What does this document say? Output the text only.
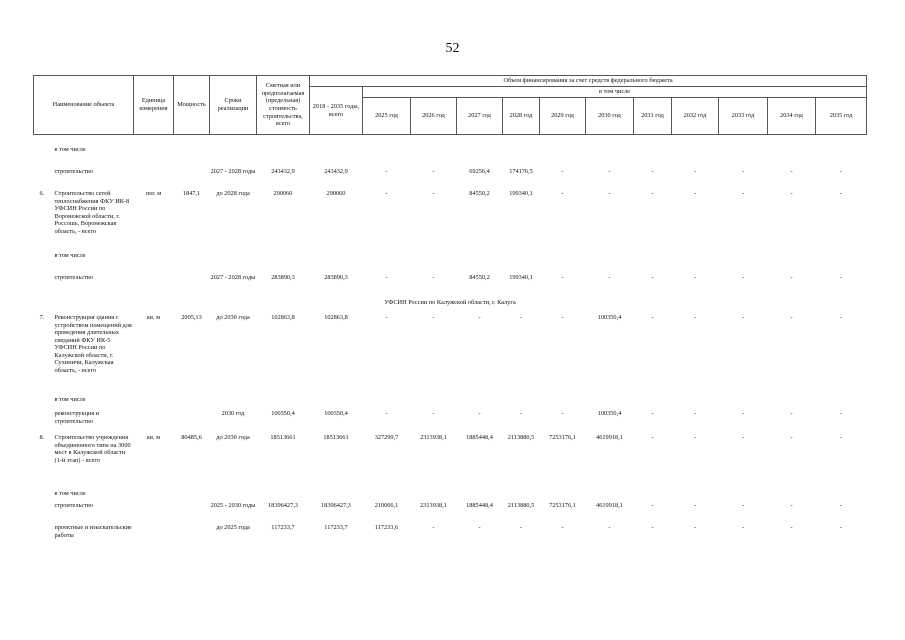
52
Наименование объекта		Единица измерения	Мощность	Сроки реализации	Сметная или предполагаемая (предельная) стоимость строительства, всего	Объем финансирования за счет средств федерального бюджета											
						2018 - 2035 годы, всего	в том числе										
							2025 год	2026 год	2027 год	2028 год	2029 год	2030 год	2031 год	2032 год	2033 год	2034 год	2035 год

	в том числе																
	строительство			2027 - 2028 годы	243432,9	243432,9	-	-	69256,4	174176,5	-	-	-	-	-	-	-
6.	Строительство сетей теплоснабжения ФКУ ИК-8 УФСИН России по Воронежской области, г. Россошь, Воронежская область, - всего	пог. м	1847,1	до 2028 года	290060	290060	-	-	84550,2	199340,1	-	-	-	-	-	-	-
	в том числе																
	строительство			2027 - 2028 годы	283890,3	283890,3	-	-	84550,2	199340,1	-	-	-	-	-	-	-
УФСИН России по Калужской области, г. Калуга																	
7.	Реконструкция здания с устройством помещений для проведения длительных свиданий ФКУ ИК-5 УФСИН России по Калужской области, г. Сухиничи, Калужская область, - всего	кв. м	2005,13	до 2030 года	102863,8	102863,8	-	-	-	-	-	100350,4	-	-	-	-	-
	в том числе																
	реконструкция и строительство			2030 год	100350,4	100350,4	-	-	-	-	-	100350,4	-	-	-	-	-
8.	Строительство учреждения объединенного типа на 3000 мест в Калужской области (1-й этап) - всего	кв. м	80485,6	до 2030 года	18513661	18513661	327299,7	2313938,1	1885448,4	2113880,5	7253176,1	4619918,1	-	-	-	-	-
	в том числе																
	строительство			2025 - 2030 годы	18396427,3	18396427,3	210066,1	2313938,1	1885448,4	2113880,5	7253176,1	4619918,1	-	-	-	-	-
	проектные и изыскательские работы			до 2025 года	117233,7	117233,7	117233,6	-	-	-	-	-	-	-	-	-	-
